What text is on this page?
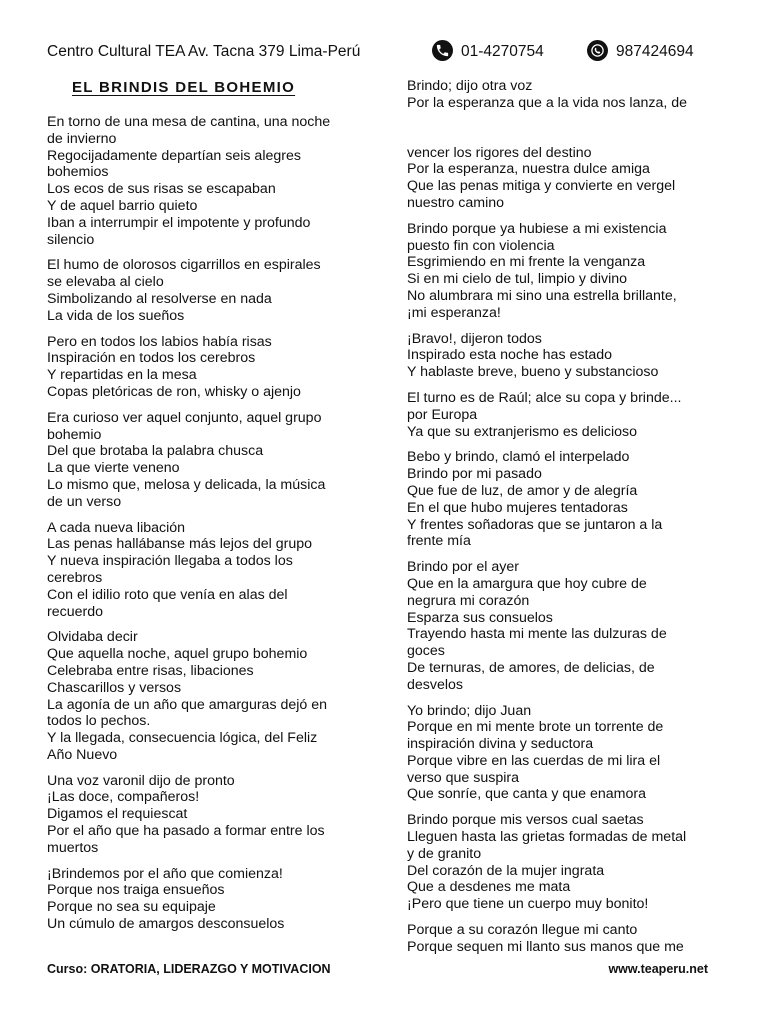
Centro Cultural TEA Av. Tacna 379 Lima-Perú	01-4270754	987424694
EL BRINDIS DEL BOHEMIO
En torno de una mesa de cantina, una noche
de invierno
Regocijadamente departían seis alegres
bohemios
Los ecos de sus risas se escapaban
Y de aquel barrio quieto
Iban a interrumpir el impotente y profundo
silencio
El humo de olorosos cigarrillos en espirales
se elevaba al cielo
Simbolizando al resolverse en nada
La vida de los sueños
Pero en todos los labios había risas
Inspiración en todos los cerebros
Y repartidas en la mesa
Copas pletóricas de ron, whisky o ajenjo
Era curioso ver aquel conjunto, aquel grupo
bohemio
Del que brotaba la palabra chusca
La que vierte veneno
Lo mismo que, melosa y delicada, la música
de un verso
A cada nueva libación
Las penas hallábanse más lejos del grupo
Y nueva inspiración llegaba a todos los
cerebros
Con el idilio roto que venía en alas del
recuerdo
Olvidaba decir
Que aquella noche, aquel grupo bohemio
Celebraba entre risas, libaciones
Chascarillos y versos
La agonía de un año que amarguras dejó en
todos lo pechos.
Y la llegada, consecuencia lógica, del Feliz
Año Nuevo
Una voz varonil dijo de pronto
¡Las doce, compañeros!
Digamos el requiescat
Por el año que ha pasado a formar entre los
muertos
¡Brindemos por el año que comienza!
Porque nos traiga ensueños
Porque no sea su equipaje
Un cúmulo de amargos desconsuelos
Brindo; dijo otra voz
Por la esperanza que a la vida nos lanza, de
vencer los rigores del destino
Por la esperanza, nuestra dulce amiga
Que las penas mitiga y convierte en vergel
nuestro camino
Brindo porque ya hubiese a mi existencia
puesto fin con violencia
Esgrimiendo en mi frente la venganza
Si en mi cielo de tul, limpio y divino
No alumbrara mi sino una estrella brillante,
¡mi esperanza!
¡Bravo!, dijeron todos
Inspirado esta noche has estado
Y hablaste breve, bueno y substancioso
El turno es de Raúl; alce su copa y brinde...
por Europa
Ya que su extranjerismo es delicioso
Bebo y brindo, clamó el interpelado
Brindo por mi pasado
Que fue de luz, de amor y de alegría
En el que hubo mujeres tentadoras
Y frentes soñadoras que se juntaron a la
frente mía
Brindo por el ayer
Que en la amargura que hoy cubre de
negrura mi corazón
Esparza sus consuelos
Trayendo hasta mi mente las dulzuras de
goces
De ternuras, de amores, de delicias, de
desvelos
Yo brindo; dijo Juan
Porque en mi mente brote un torrente de
inspiración divina y seductora
Porque vibre en las cuerdas de mi lira el
verso que suspira
Que sonríe, que canta y que enamora
Brindo porque mis versos cual saetas
Lleguen hasta las grietas formadas de metal
y de granito
Del corazón de la mujer ingrata
Que a desdenes me mata
¡Pero que tiene un cuerpo muy bonito!
Porque a su corazón llegue mi canto
Porque sequen mi llanto sus manos que me
Curso: ORATORIA, LIDERAZGO Y MOTIVACION	www.teaperu.net
